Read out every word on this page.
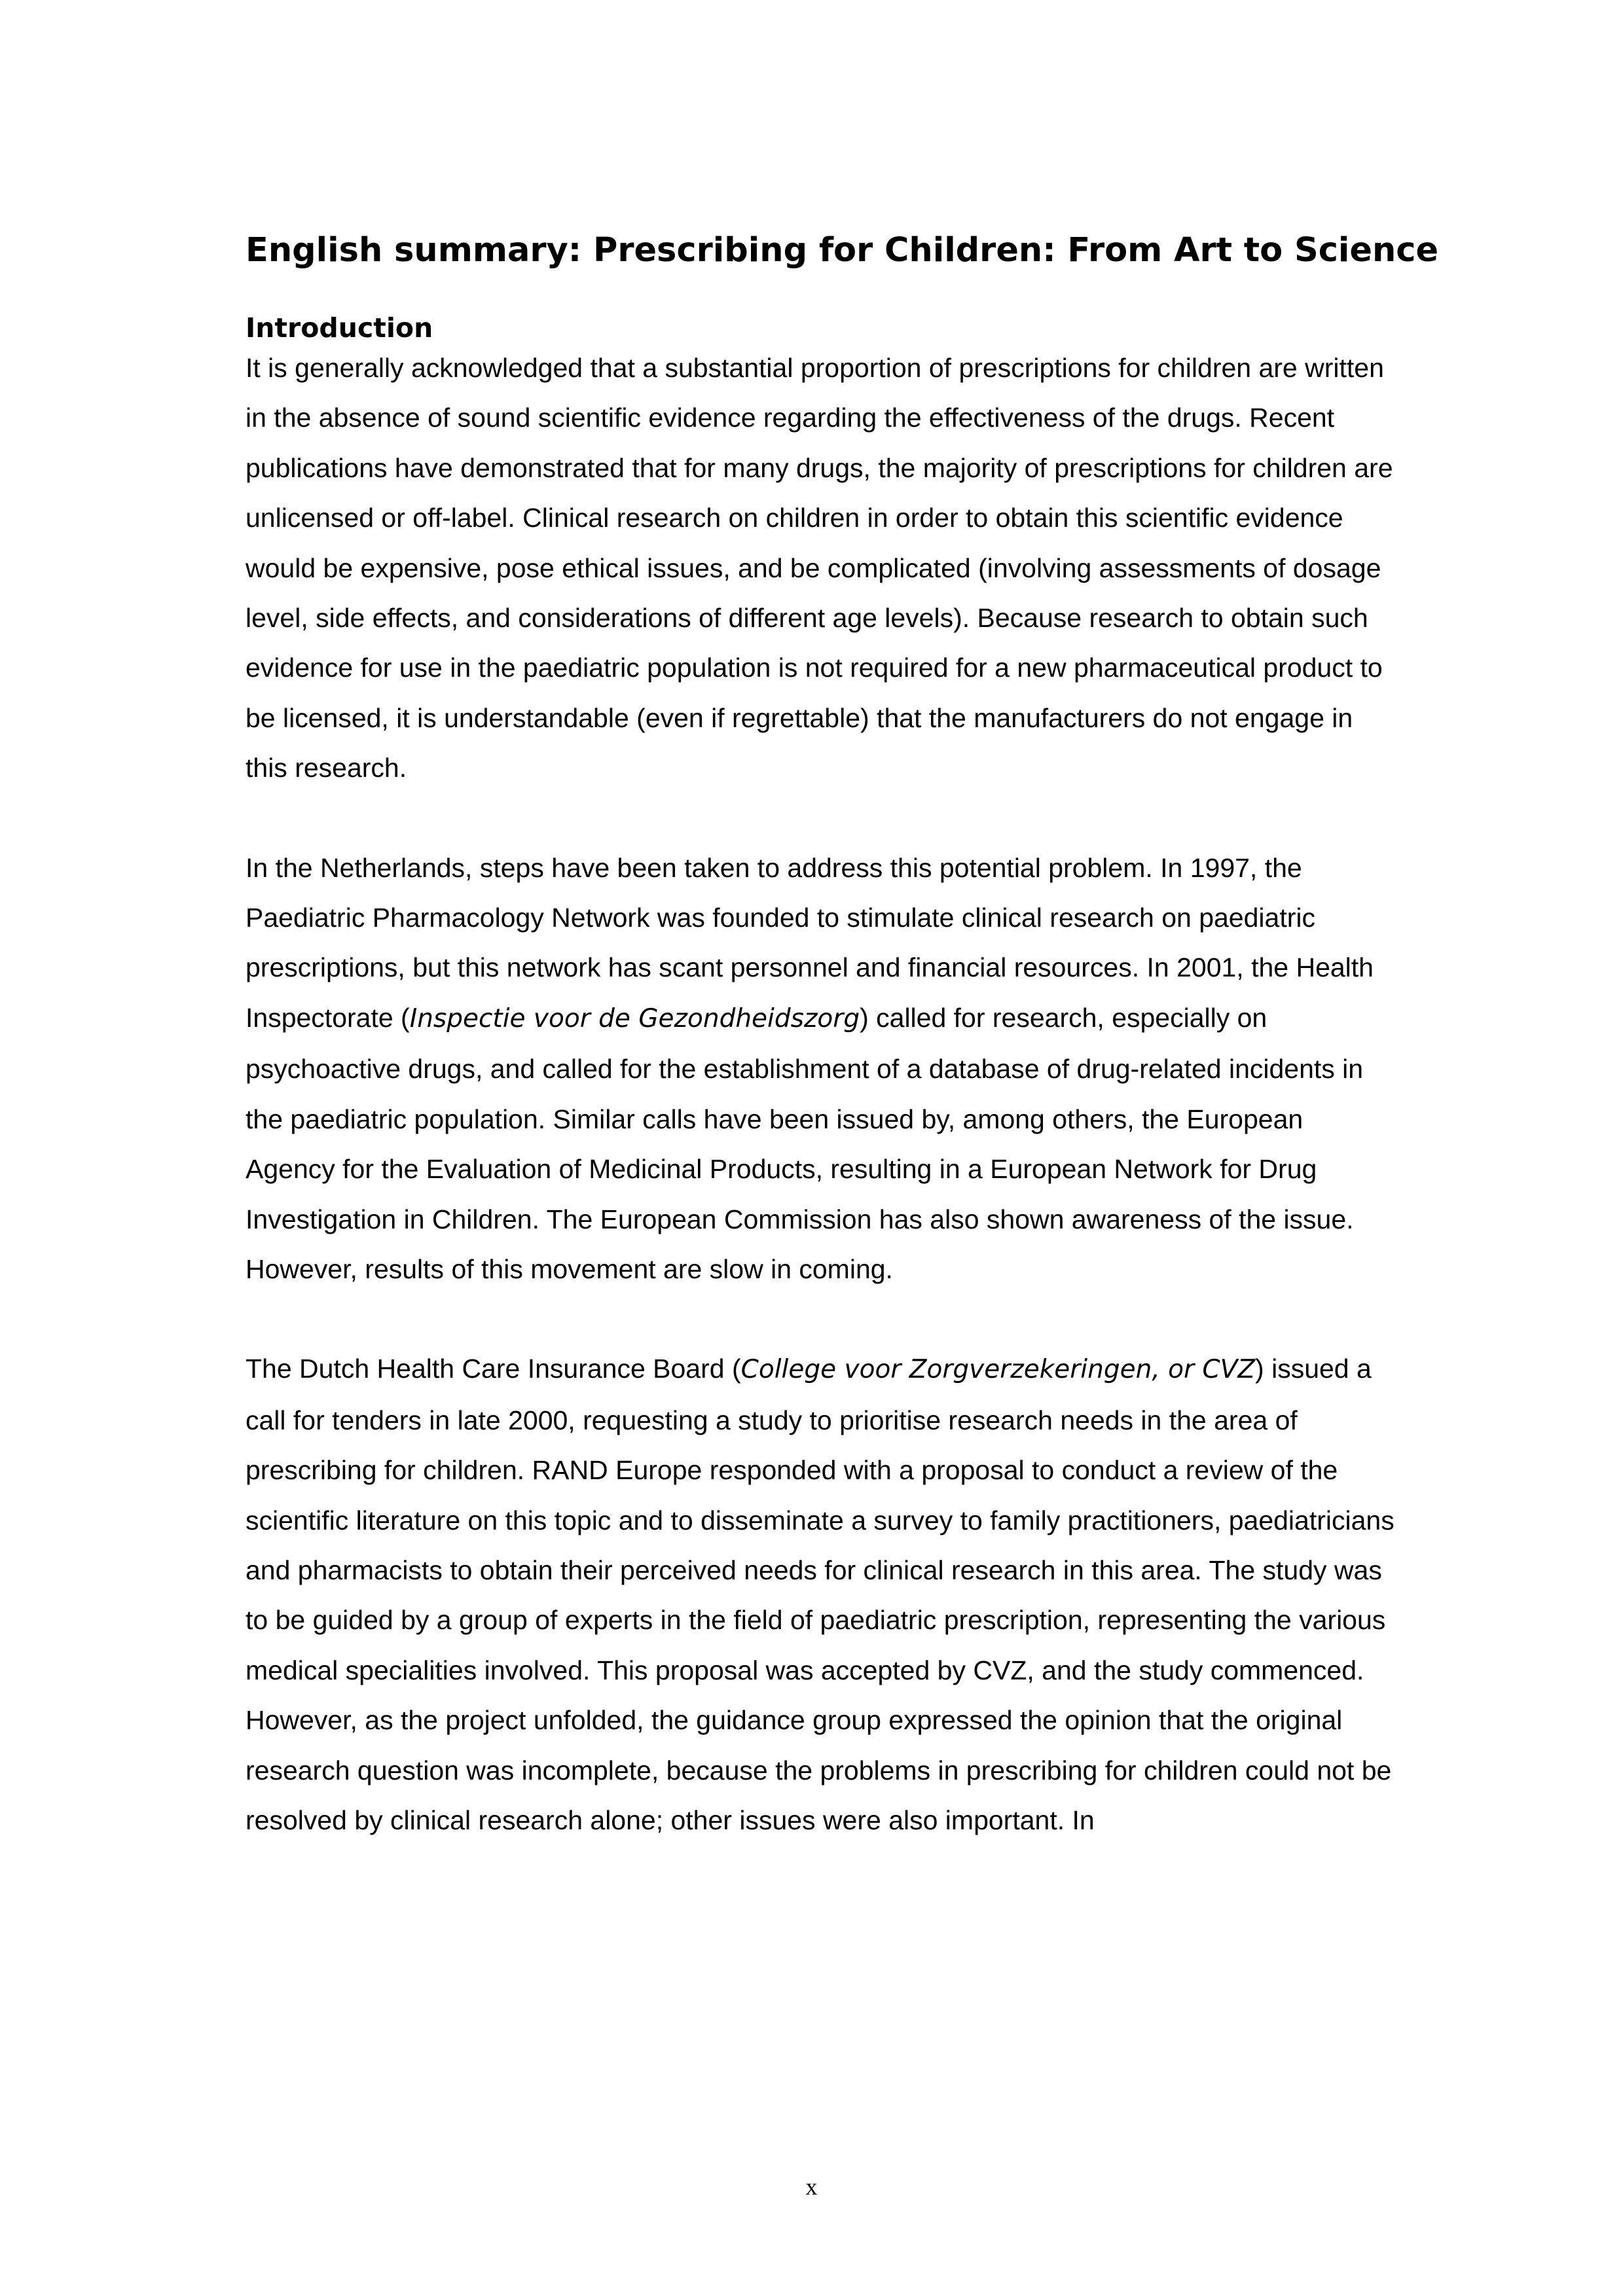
English summary: Prescribing for Children: From Art to Science
Introduction

It is generally acknowledged that a substantial proportion of prescriptions for children are written in the absence of sound scientific evidence regarding the effectiveness of the drugs. Recent publications have demonstrated that for many drugs, the majority of prescriptions for children are unlicensed or off-label. Clinical research on children in order to obtain this scientific evidence would be expensive, pose ethical issues, and be complicated (involving assessments of dosage level, side effects, and considerations of different age levels). Because research to obtain such evidence for use in the paediatric population is not required for a new pharmaceutical product to be licensed, it is understandable (even if regrettable) that the manufacturers do not engage in this research.

In the Netherlands, steps have been taken to address this potential problem. In 1997, the Paediatric Pharmacology Network was founded to stimulate clinical research on paediatric prescriptions, but this network has scant personnel and financial resources. In 2001, the Health Inspectorate (Inspectie voor de Gezondheidszorg) called for research, especially on psychoactive drugs, and called for the establishment of a database of drug-related incidents in the paediatric population. Similar calls have been issued by, among others, the European Agency for the Evaluation of Medicinal Products, resulting in a European Network for Drug Investigation in Children. The European Commission has also shown awareness of the issue. However, results of this movement are slow in coming.

The Dutch Health Care Insurance Board (College voor Zorgverzekeringen, or CVZ) issued a call for tenders in late 2000, requesting a study to prioritise research needs in the area of prescribing for children. RAND Europe responded with a proposal to conduct a review of the scientific literature on this topic and to disseminate a survey to family practitioners, paediatricians and pharmacists to obtain their perceived needs for clinical research in this area. The study was to be guided by a group of experts in the field of paediatric prescription, representing the various medical specialities involved. This proposal was accepted by CVZ, and the study commenced. However, as the project unfolded, the guidance group expressed the opinion that the original research question was incomplete, because the problems in prescribing for children could not be resolved by clinical research alone; other issues were also important. In

x
